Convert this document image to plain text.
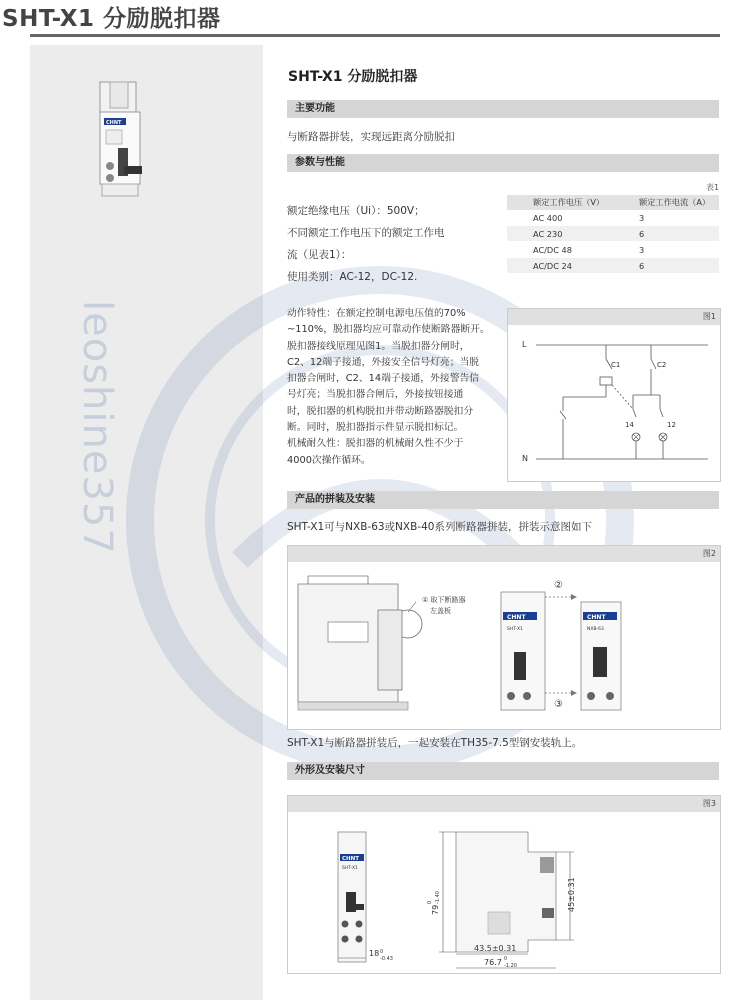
SHT-X1 分励脱扣器
CHNT
leoshine357
SHT-X1 分励脱扣器
主要功能
与断路器拼装，实现远距离分励脱扣
参数与性能
额定绝缘电压（Ui）：500V；
不同额定工作电压下的额定工作电
流（见表1）：
使用类别：AC-12，DC-12.
表1
额定工作电压（V）	额定工作电流（A）
AC 400	3
AC 230	6
AC/DC 48	3
AC/DC 24	6
动作特性：在额定控制电源电压值的70%
~110%，脱扣器均应可靠动作使断路器断开。
脱扣器接线原理见图1。当脱扣器分闸时，
C2、12端子接通，外接安全信号灯亮；当脱
扣器合闸时，C2、14端子接通，外接警告信
号灯亮；当脱扣器合闸后，外接按钮接通
时，脱扣器的机构脱扣并带动断路器脱扣分
断。同时，脱扣器指示件显示脱扣标记。
机械耐久性：脱扣器的机械耐久性不少于
4000次操作循环。
图1
L
N
C1	C2
14	12
产品的拼装及安装
SHT-X1可与NXB-63或NXB-40系列断路器拼装，拼装示意图如下
图2
① 取下断路器
左盖板
CHNT
SHT-X1
CHNT
NXB-63
②
③
SHT-X1与断路器拼装后，一起安装在TH35-7.5型钢安装轨上。
外形及安装尺寸
图3
CHNT
SHT-X1
18 0
-0.43
79
0 -1.40	45±0.31
43.5±0.31
76.7 0
-1.20
